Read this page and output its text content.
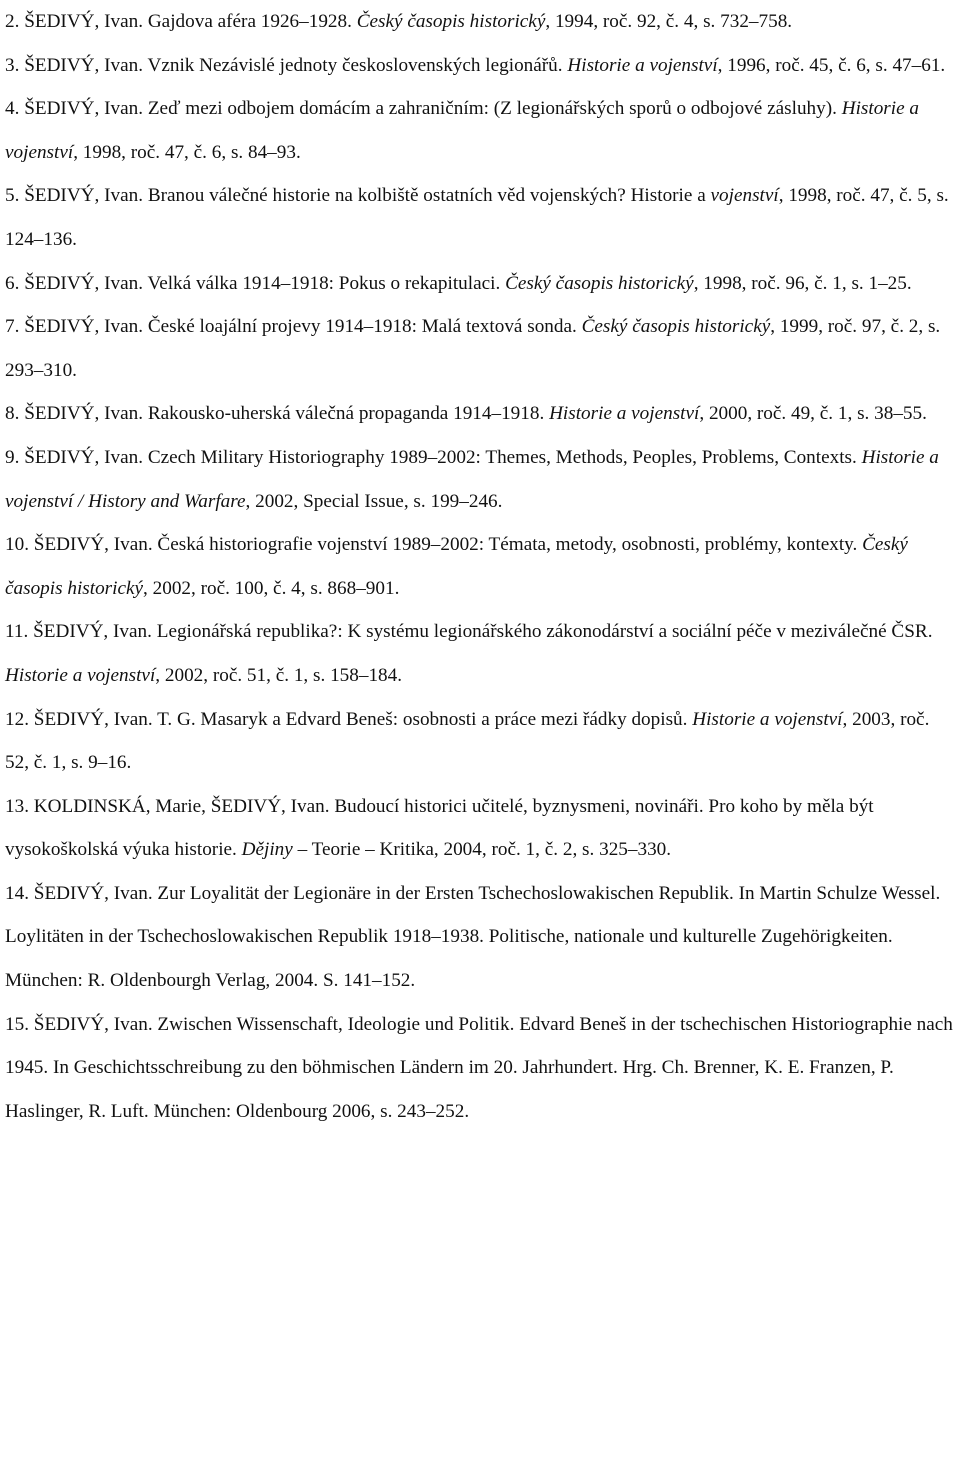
2. ŠEDIVÝ, Ivan. Gajdova aféra 1926–1928. Český časopis historický, 1994, roč. 92, č. 4, s. 732–758.
3. ŠEDIVÝ, Ivan. Vznik Nezávislé jednoty československých legionářů. Historie a vojenství, 1996, roč. 45, č. 6, s. 47–61.
4. ŠEDIVÝ, Ivan. Zeď mezi odbojem domácím a zahraničním: (Z legionářských sporů o odbojové zásluhy). Historie a vojenství, 1998, roč. 47, č. 6, s. 84–93.
5. ŠEDIVÝ, Ivan. Branou válečné historie na kolbiště ostatních věd vojenských? Historie a vojenství, 1998, roč. 47, č. 5, s. 124–136.
6. ŠEDIVÝ, Ivan. Velká válka 1914–1918: Pokus o rekapitulaci. Český časopis historický, 1998, roč. 96, č. 1, s. 1–25.
7. ŠEDIVÝ, Ivan. České loajální projevy 1914–1918: Malá textová sonda. Český časopis historický, 1999, roč. 97, č. 2, s. 293–310.
8. ŠEDIVÝ, Ivan. Rakousko-uherská válečná propaganda 1914–1918. Historie a vojenství, 2000, roč. 49, č. 1, s. 38–55.
9. ŠEDIVÝ, Ivan. Czech Military Historiography 1989–2002: Themes, Methods, Peoples, Problems, Contexts. Historie a vojenství / History and Warfare, 2002, Special Issue, s. 199–246.
10. ŠEDIVÝ, Ivan. Česká historiografie vojenství 1989–2002: Témata, metody, osobnosti, problémy, kontexty. Český časopis historický, 2002, roč. 100, č. 4, s. 868–901.
11. ŠEDIVÝ, Ivan. Legionářská republika?: K systému legionářského zákonodárství a sociální péče v meziválečné ČSR. Historie a vojenství, 2002, roč. 51, č. 1, s. 158–184.
12. ŠEDIVÝ, Ivan. T. G. Masaryk a Edvard Beneš: osobnosti a práce mezi řádky dopisů. Historie a vojenství, 2003, roč. 52, č. 1, s. 9–16.
13. KOLDINSKÁ, Marie, ŠEDIVÝ, Ivan. Budoucí historici učitelé, byznysmeni, novináři. Pro koho by měla být vysokoškolská výuka historie. Dějiny – Teorie – Kritika, 2004, roč. 1, č. 2, s. 325–330.
14. ŠEDIVÝ, Ivan. Zur Loyalität der Legionäre in der Ersten Tschechoslowakischen Republik. In Martin Schulze Wessel. Loylitäten in der Tschechoslowakischen Republik 1918–1938. Politische, nationale und kulturelle Zugehörigkeiten. München: R. Oldenbourgh Verlag, 2004. S. 141–152.
15. ŠEDIVÝ, Ivan. Zwischen Wissenschaft, Ideologie und Politik. Edvard Beneš in der tschechischen Historiographie nach 1945. In Geschichtsschreibung zu den böhmischen Ländern im 20. Jahrhundert. Hrg. Ch. Brenner, K. E. Franzen, P. Haslinger, R. Luft. München: Oldenbourg 2006, s. 243–252.
